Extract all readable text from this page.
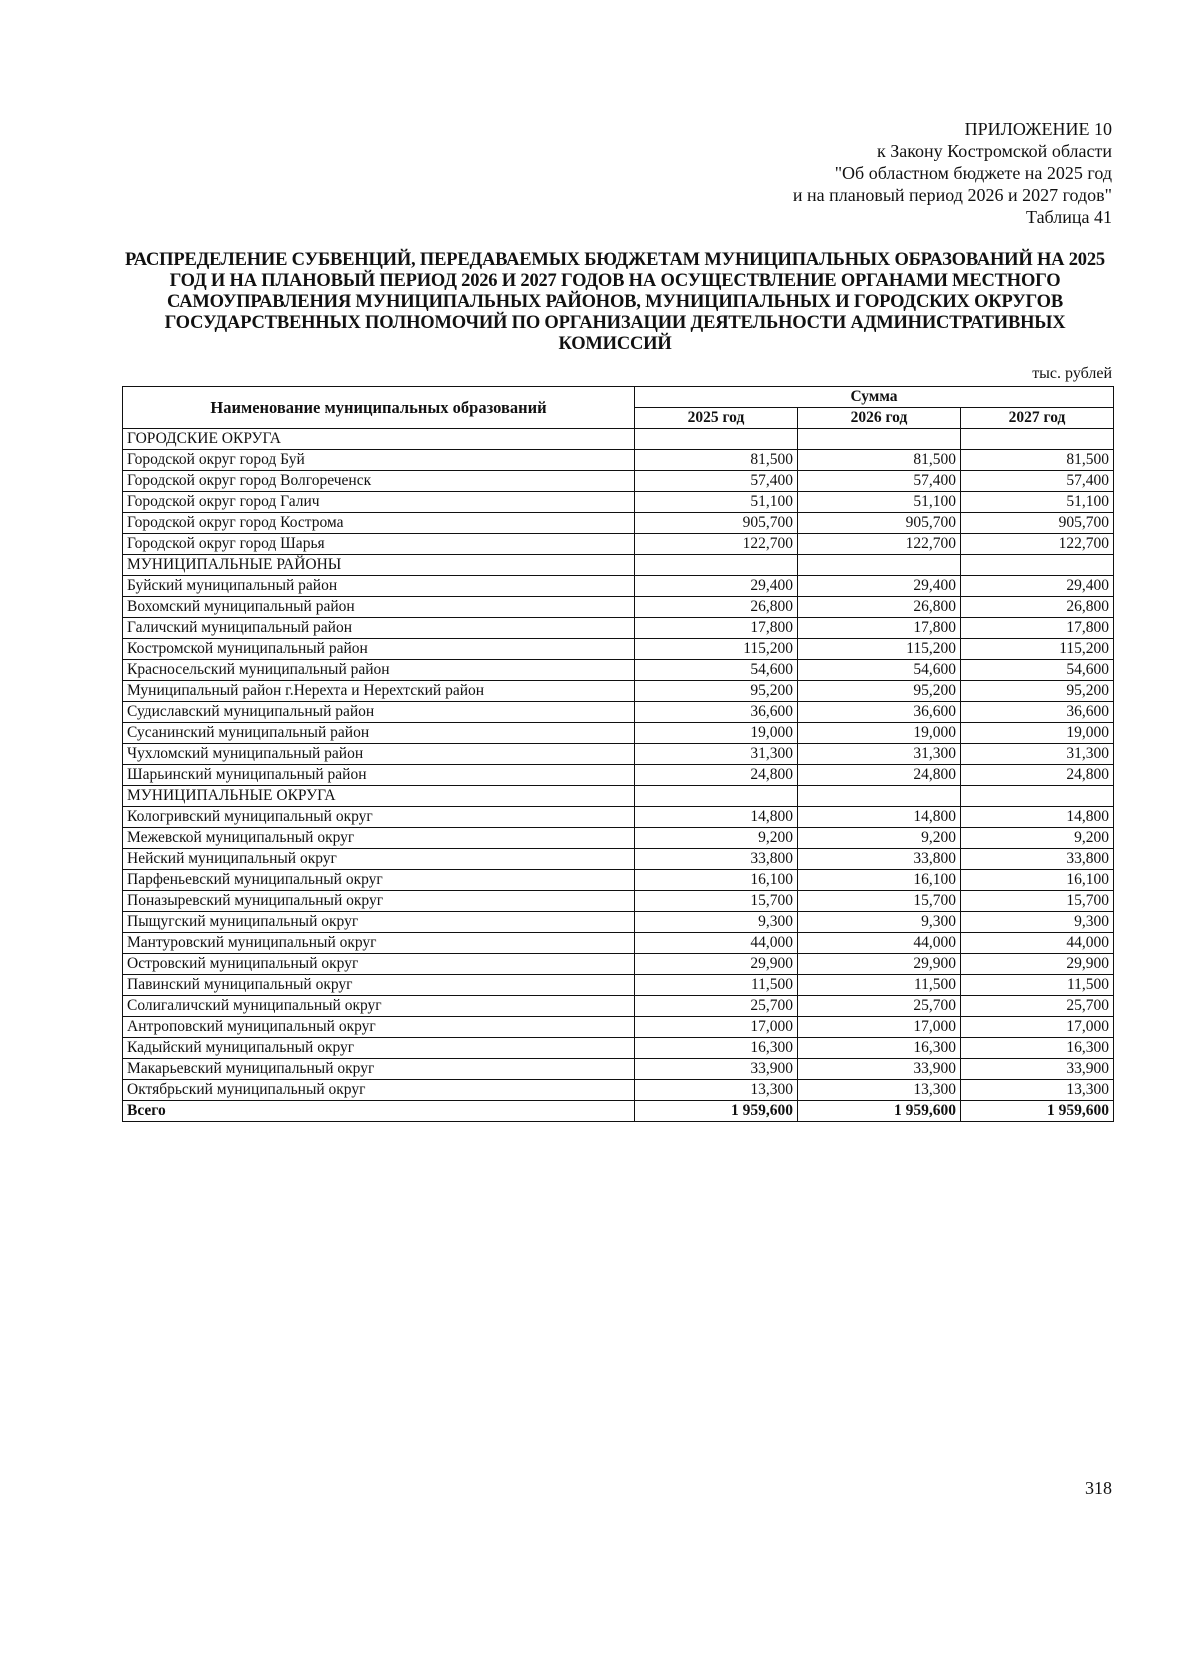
ПРИЛОЖЕНИЕ 10
к Закону Костромской области
"Об областном бюджете на 2025 год
и на плановый период 2026 и 2027 годов"
Таблица 41
РАСПРЕДЕЛЕНИЕ СУБВЕНЦИЙ, ПЕРЕДАВАЕМЫХ БЮДЖЕТАМ МУНИЦИПАЛЬНЫХ ОБРАЗОВАНИЙ НА 2025 ГОД И НА ПЛАНОВЫЙ ПЕРИОД 2026 И 2027 ГОДОВ НА ОСУЩЕСТВЛЕНИЕ ОРГАНАМИ МЕСТНОГО САМОУПРАВЛЕНИЯ МУНИЦИПАЛЬНЫХ РАЙОНОВ, МУНИЦИПАЛЬНЫХ И ГОРОДСКИХ ОКРУГОВ ГОСУДАРСТВЕННЫХ ПОЛНОМОЧИЙ ПО ОРГАНИЗАЦИИ ДЕЯТЕЛЬНОСТИ АДМИНИСТРАТИВНЫХ КОМИССИЙ
тыс. рублей
Наименование муниципальных образований	Сумма		
	2025 год	2026 год	2027 год
ГОРОДСКИЕ ОКРУГА			
Городской округ город Буй	81,500	81,500	81,500
Городской округ город Волгореченск	57,400	57,400	57,400
Городской округ город Галич	51,100	51,100	51,100
Городской округ город Кострома	905,700	905,700	905,700
Городской округ город Шарья	122,700	122,700	122,700
МУНИЦИПАЛЬНЫЕ РАЙОНЫ			
Буйский муниципальный район	29,400	29,400	29,400
Вохомский муниципальный район	26,800	26,800	26,800
Галичский муниципальный район	17,800	17,800	17,800
Костромской муниципальный район	115,200	115,200	115,200
Красносельский муниципальный район	54,600	54,600	54,600
Муниципальный район г.Нерехта и Нерехтский район	95,200	95,200	95,200
Судиславский муниципальный район	36,600	36,600	36,600
Сусанинский муниципальный район	19,000	19,000	19,000
Чухломский муниципальный район	31,300	31,300	31,300
Шарьинский муниципальный район	24,800	24,800	24,800
МУНИЦИПАЛЬНЫЕ ОКРУГА			
Кологривский муниципальный округ	14,800	14,800	14,800
Межевской муниципальный округ	9,200	9,200	9,200
Нейский муниципальный округ	33,800	33,800	33,800
Парфеньевский муниципальный округ	16,100	16,100	16,100
Поназыревский муниципальный округ	15,700	15,700	15,700
Пыщугский муниципальный округ	9,300	9,300	9,300
Мантуровский муниципальный округ	44,000	44,000	44,000
Островский муниципальный округ	29,900	29,900	29,900
Павинский муниципальный округ	11,500	11,500	11,500
Солигаличский муниципальный округ	25,700	25,700	25,700
Антроповский муниципальный округ	17,000	17,000	17,000
Кадыйский муниципальный округ	16,300	16,300	16,300
Макарьевский муниципальный округ	33,900	33,900	33,900
Октябрьский муниципальный округ	13,300	13,300	13,300
Всего	1 959,600	1 959,600	1 959,600
318
